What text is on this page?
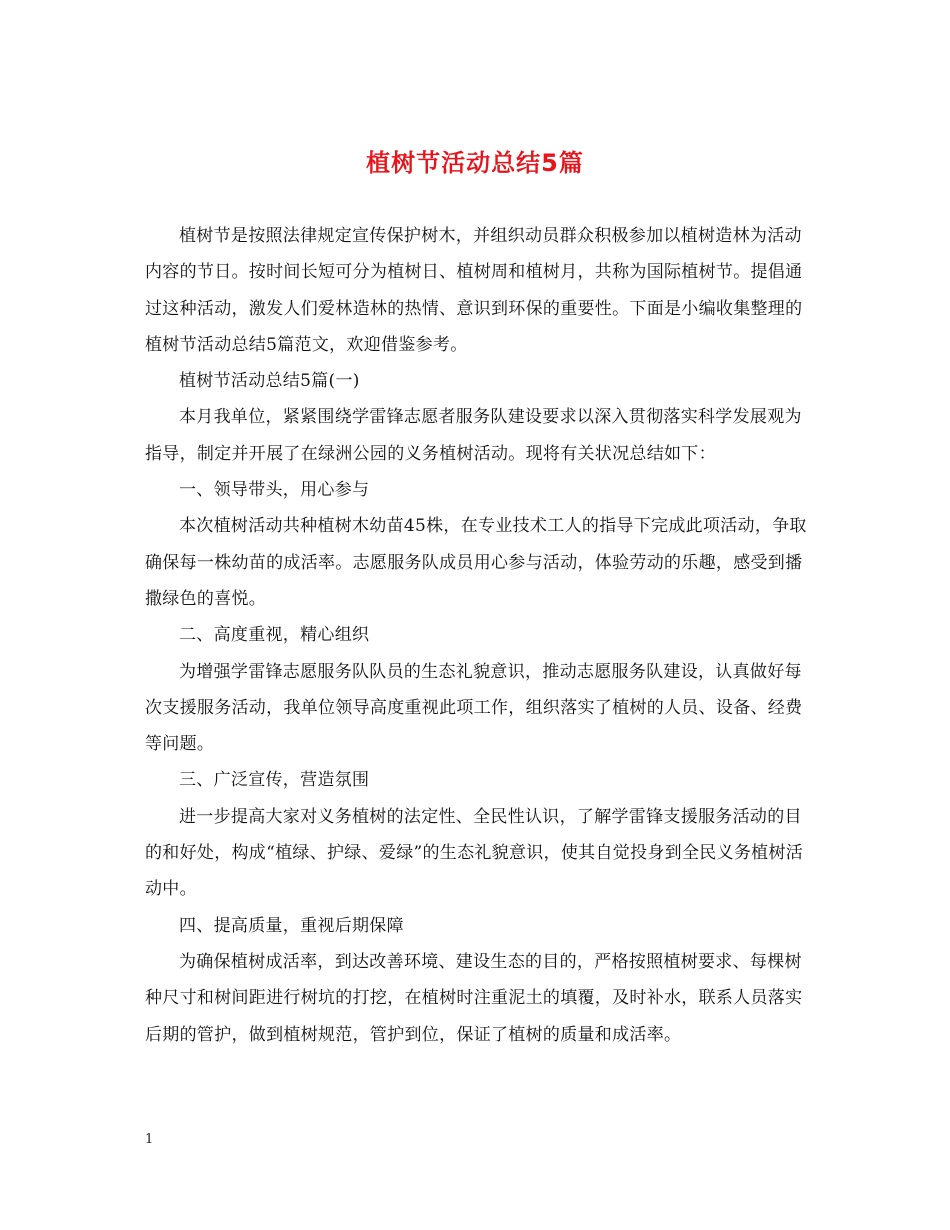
植树节活动总结5篇

植树节是按照法律规定宣传保护树木，并组织动员群众积极参加以植树造林为活动内容的节日。按时间长短可分为植树日、植树周和植树月，共称为国际植树节。提倡通过这种活动，激发人们爱林造林的热情、意识到环保的重要性。下面是小编收集整理的植树节活动总结5篇范文，欢迎借鉴参考。

植树节活动总结5篇(一)

本月我单位，紧紧围绕学雷锋志愿者服务队建设要求以深入贯彻落实科学发展观为指导，制定并开展了在绿洲公园的义务植树活动。现将有关状况总结如下：

一、领导带头，用心参与

本次植树活动共种植树木幼苗45株，在专业技术工人的指导下完成此项活动，争取确保每一株幼苗的成活率。志愿服务队成员用心参与活动，体验劳动的乐趣，感受到播撒绿色的喜悦。

二、高度重视，精心组织

为增强学雷锋志愿服务队队员的生态礼貌意识，推动志愿服务队建设，认真做好每次支援服务活动，我单位领导高度重视此项工作，组织落实了植树的人员、设备、经费等问题。

三、广泛宣传，营造氛围

进一步提高大家对义务植树的法定性、全民性认识，了解学雷锋支援服务活动的目的和好处，构成“植绿、护绿、爱绿”的生态礼貌意识，使其自觉投身到全民义务植树活动中。

四、提高质量，重视后期保障

为确保植树成活率，到达改善环境、建设生态的目的，严格按照植树要求、每棵树种尺寸和树间距进行树坑的打挖，在植树时注重泥土的填覆，及时补水，联系人员落实后期的管护，做到植树规范，管护到位，保证了植树的质量和成活率。

1
